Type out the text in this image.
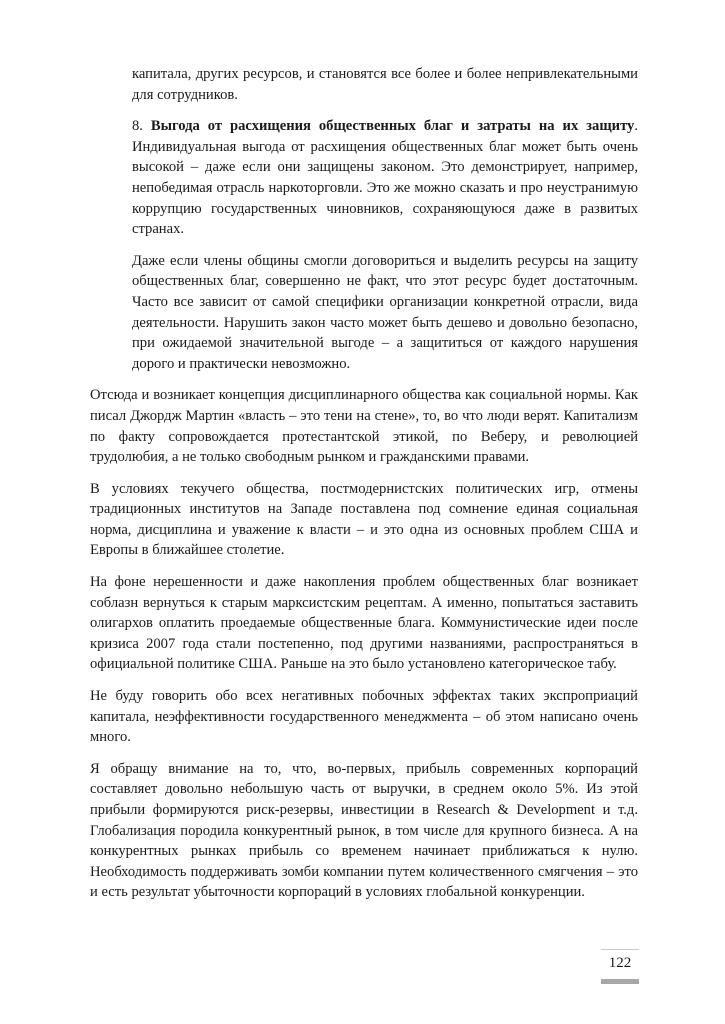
капитала, других ресурсов, и становятся все более и более непривлекательными для сотрудников.

8. Выгода от расхищения общественных благ и затраты на их защиту. Индивидуальная выгода от расхищения общественных благ может быть очень высокой – даже если они защищены законом. Это демонстрирует, например, непобедимая отрасль наркоторговли. Это же можно сказать и про неустранимую коррупцию государственных чиновников, сохраняющуюся даже в развитых странах.

Даже если члены общины смогли договориться и выделить ресурсы на защиту общественных благ, совершенно не факт, что этот ресурс будет достаточным. Часто все зависит от самой специфики организации конкретной отрасли, вида деятельности. Нарушить закон часто может быть дешево и довольно безопасно, при ожидаемой значительной выгоде – а защититься от каждого нарушения дорого и практически невозможно.

Отсюда и возникает концепция дисциплинарного общества как социальной нормы. Как писал Джордж Мартин «власть – это тени на стене», то, во что люди верят. Капитализм по факту сопровождается протестантской этикой, по Веберу, и революцией трудолюбия, а не только свободным рынком и гражданскими правами.

В условиях текучего общества, постмодернистских политических игр, отмены традиционных институтов на Западе поставлена под сомнение единая социальная норма, дисциплина и уважение к власти – и это одна из основных проблем США и Европы в ближайшее столетие.

На фоне нерешенности и даже накопления проблем общественных благ возникает соблазн вернуться к старым марксистским рецептам. А именно, попытаться заставить олигархов оплатить проедаемые общественные блага. Коммунистические идеи после кризиса 2007 года стали постепенно, под другими названиями, распространяться в официальной политике США. Раньше на это было установлено категорическое табу.

Не буду говорить обо всех негативных побочных эффектах таких экспроприаций капитала, неэффективности государственного менеджмента – об этом написано очень много.

Я обращу внимание на то, что, во-первых, прибыль современных корпораций составляет довольно небольшую часть от выручки, в среднем около 5%. Из этой прибыли формируются риск-резервы, инвестиции в Research & Development и т.д. Глобализация породила конкурентный рынок, в том числе для крупного бизнеса. А на конкурентных рынках прибыль со временем начинает приближаться к нулю. Необходимость поддерживать зомби компании путем количественного смягчения – это и есть результат убыточности корпораций в условиях глобальной конкуренции.

122
